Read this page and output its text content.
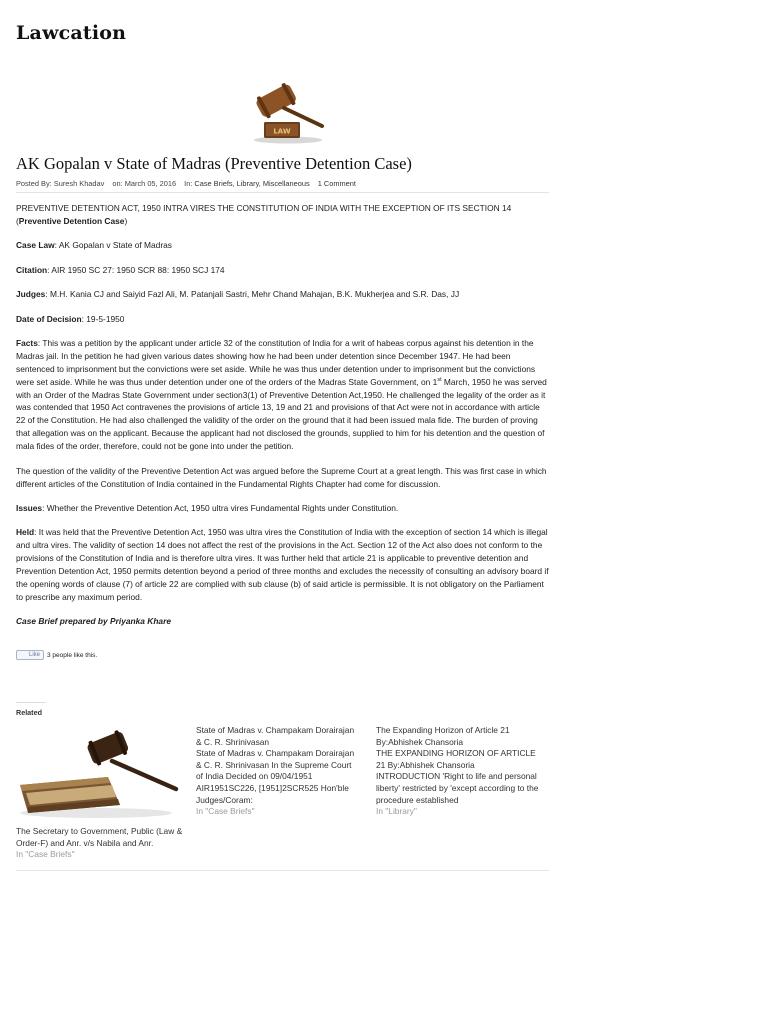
Lawcation
LAW
AK Gopalan v State of Madras (Preventive Detention Case)
Posted By: Suresh Khadav on: March 05, 2016 In: Case Briefs, Library, Miscellaneous 1 Comment

PREVENTIVE DETENTION ACT, 1950 INTRA VIRES THE CONSTITUTION OF INDIA WITH THE EXCEPTION OF ITS SECTION 14 (Preventive Detention Case)

Case Law: AK Gopalan v State of Madras

Citation: AIR 1950 SC 27: 1950 SCR 88: 1950 SCJ 174

Judges: M.H. Kania CJ and Saiyid Fazl Ali, M. Patanjali Sastri, Mehr Chand Mahajan, B.K. Mukherjea and S.R. Das, JJ

Date of Decision: 19-5-1950

Facts: This was a petition by the applicant under article 32 of the constitution of India for a writ of habeas corpus against his detention in the Madras jail. In the petition he had given various dates showing how he had been under detention since December 1947. He had been sentenced to imprisonment but the convictions were set aside. While he was thus under detention under to imprisonment but the convictions were set aside. While he was thus under detention under one of the orders of the Madras State Government, on 1st March, 1950 he was served with an Order of the Madras State Government under section3(1) of Preventive Detention Act,1950. He challenged the legality of the order as it was contended that 1950 Act contravenes the provisions of article 13, 19 and 21 and provisions of that Act were not in accordance with article 22 of the Constitution. He had also challenged the validity of the order on the ground that it had been issued mala fide. The burden of proving that allegation was on the applicant. Because the applicant had not disclosed the grounds, supplied to him for his detention and the question of mala fides of the order, therefore, could not be gone into under the petition.

The question of the validity of the Preventive Detention Act was argued before the Supreme Court at a great length. This was first case in which different articles of the Constitution of India contained in the Fundamental Rights Chapter had come for discussion.

Issues: Whether the Preventive Detention Act, 1950 ultra vires Fundamental Rights under Constitution.

Held: It was held that the Preventive Detention Act, 1950 was ultra vires the Constitution of India with the exception of section 14 which is illegal and ultra vires. The validity of section 14 does not affect the rest of the provisions in the Act. Section 12 of the Act also does not conform to the provisions of the Constitution of India and is therefore ultra vires. It was further held that article 21 is applicable to preventive detention and Prevention Detention Act, 1950 permits detention beyond a period of three months and excludes the necessity of consulting an advisory board if the opening words of clause (7) of article 22 are complied with sub clause (b) of said article is permissible. It is not obligatory on the Parliament to prescribe any maximum period.

Case Brief prepared by Priyanka Khare

Like 3 people like this.
Related
The Secretary to Government, Public (Law & Order-F) and Anr. v/s Nabila and Anr.
In "Case Briefs"
State of Madras v. Champakam Dorairajan & C. R. Shrinivasan
State of Madras v. Champakam Dorairajan & C. R. Shrinivasan In the Supreme Court of India Decided on 09/04/1951 AIR1951SC226, [1951]2SCR525 Hon'ble Judges/Coram:
In "Case Briefs"
The Expanding Horizon of Article 21 By:Abhishek Chansoria
THE EXPANDING HORIZON OF ARTICLE 21 By:Abhishek Chansoria INTRODUCTION 'Right to life and personal liberty' restricted by 'except according to the procedure established
In "Library"
